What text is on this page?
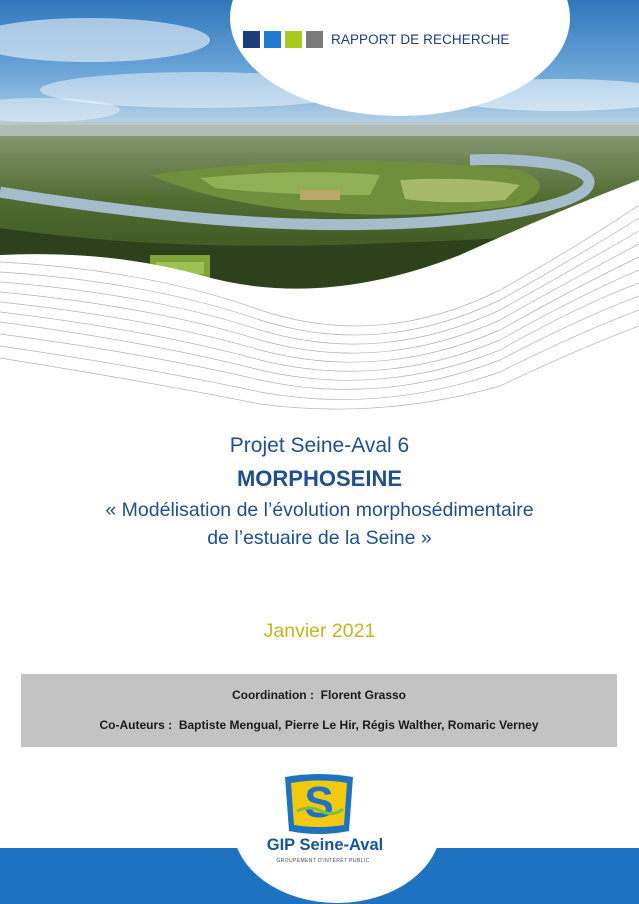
RAPPORT DE RECHERCHE
Projet Seine-Aval 6
MORPHOSEINE
« Modélisation de l’évolution morphosédimentaire
de l’estuaire de la Seine »
Janvier 2021
Coordination : Florent Grasso
Co-Auteurs : Baptiste Mengual, Pierre Le Hir, Régis Walther, Romaric Verney
S
GIP Seine-Aval
GROUPEMENT D'INTÉRÊT PUBLIC
